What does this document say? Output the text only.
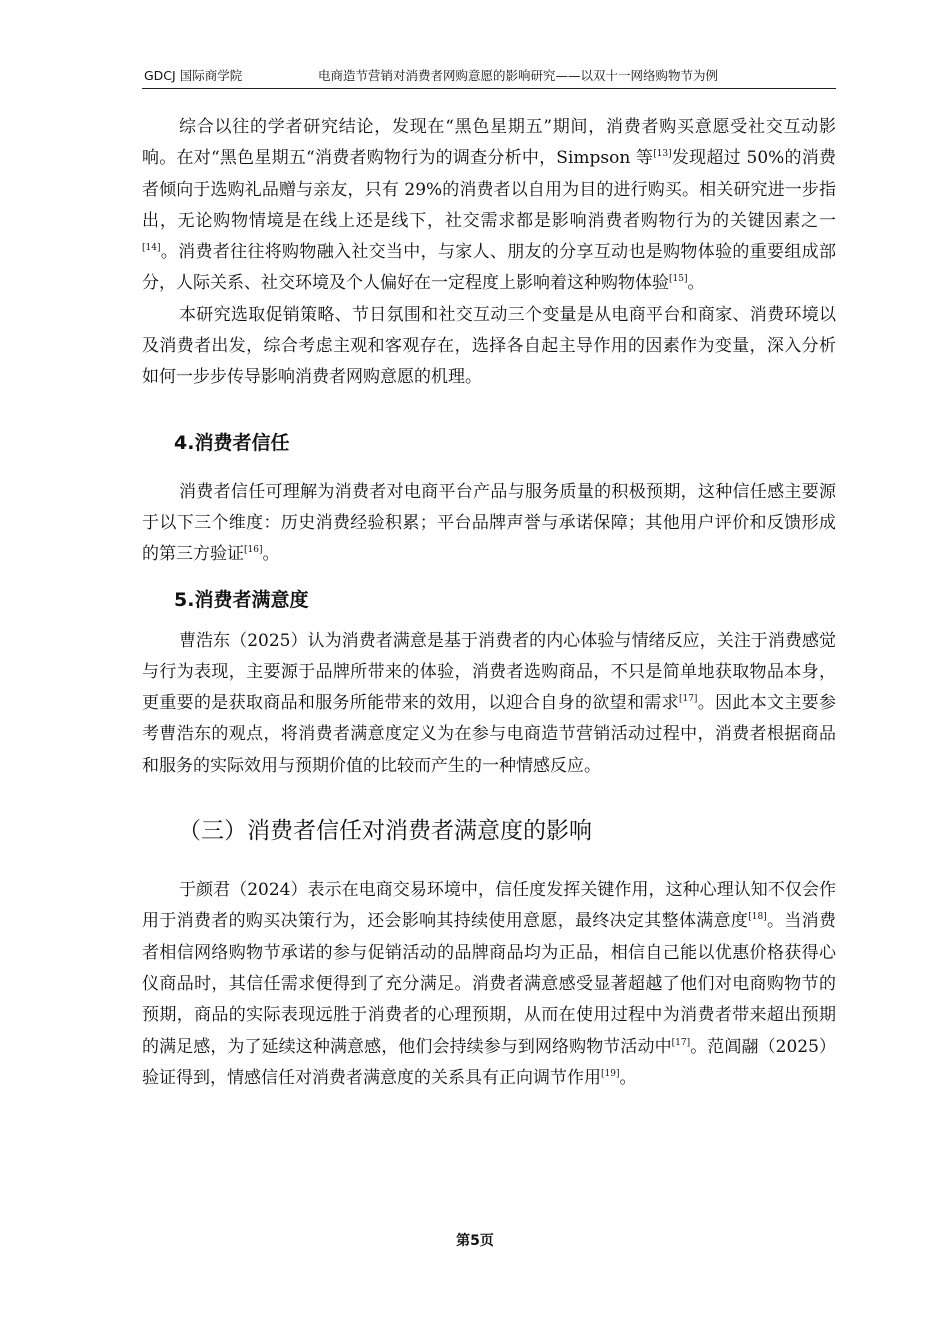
GDCJ 国际商学院	电商造节营销对消费者网购意愿的影响研究——以双十一网络购物节为例

综合以往的学者研究结论，发现在“黑色星期五”期间，消费者购买意愿受社交互动影响。在对“黑色星期五“消费者购物行为的调查分析中，Simpson 等[13]发现超过 50%的消费者倾向于选购礼品赠与亲友，只有 29%的消费者以自用为目的进行购买。相关研究进一步指出，无论购物情境是在线上还是线下，社交需求都是影响消费者购物行为的关键因素之一[14]。消费者往往将购物融入社交当中，与家人、朋友的分享互动也是购物体验的重要组成部分，人际关系、社交环境及个人偏好在一定程度上影响着这种购物体验[15]。

本研究选取促销策略、节日氛围和社交互动三个变量是从电商平台和商家、消费环境以及消费者出发，综合考虑主观和客观存在，选择各自起主导作用的因素作为变量，深入分析如何一步步传导影响消费者网购意愿的机理。

4.消费者信任

消费者信任可理解为消费者对电商平台产品与服务质量的积极预期，这种信任感主要源于以下三个维度：历史消费经验积累；平台品牌声誉与承诺保障；其他用户评价和反馈形成的第三方验证[16]。

5.消费者满意度

曹浩东（2025）认为消费者满意是基于消费者的内心体验与情绪反应，关注于消费感觉与行为表现，主要源于品牌所带来的体验，消费者选购商品，不只是简单地获取物品本身，更重要的是获取商品和服务所能带来的效用，以迎合自身的欲望和需求[17]。因此本文主要参考曹浩东的观点，将消费者满意度定义为在参与电商造节营销活动过程中，消费者根据商品和服务的实际效用与预期价值的比较而产生的一种情感反应。

（三）消费者信任对消费者满意度的影响

于颜君（2024）表示在电商交易环境中，信任度发挥关键作用，这种心理认知不仅会作用于消费者的购买决策行为，还会影响其持续使用意愿，最终决定其整体满意度[18]。当消费者相信网络购物节承诺的参与促销活动的品牌商品均为正品，相信自己能以优惠价格获得心仪商品时，其信任需求便得到了充分满足。消费者满意感受显著超越了他们对电商购物节的预期，商品的实际表现远胜于消费者的心理预期，从而在使用过程中为消费者带来超出预期的满足感，为了延续这种满意感，他们会持续参与到网络购物节活动中[17]。范阊翮（2025）验证得到，情感信任对消费者满意度的关系具有正向调节作用[19]。

第5页
